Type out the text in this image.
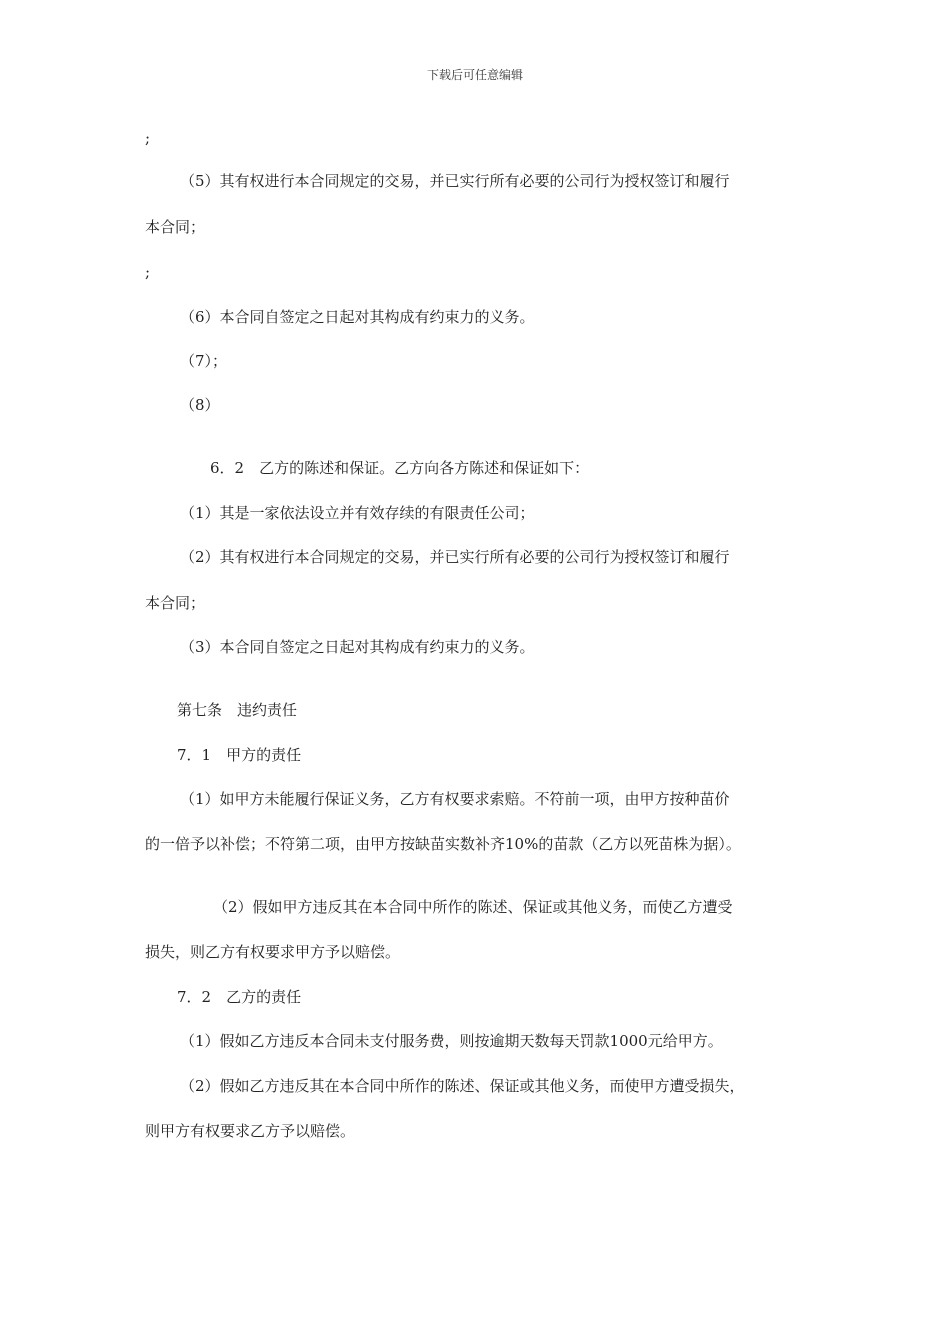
下载后可任意编辑
;
（5）其有权进行本合同规定的交易，并已实行所有必要的公司行为授权签订和履行
本合同；
;
（6）本合同自签定之日起对其构成有约束力的义务。
（7）；
（8）
6．2　乙方的陈述和保证。乙方向各方陈述和保证如下：
（1）其是一家依法设立并有效存续的有限责任公司；
（2）其有权进行本合同规定的交易，并已实行所有必要的公司行为授权签订和履行
本合同；
（3）本合同自签定之日起对其构成有约束力的义务。
第七条　违约责任
7．1　甲方的责任
（1）如甲方未能履行保证义务，乙方有权要求索赔。不符前一项，由甲方按种苗价
的一倍予以补偿；不符第二项，由甲方按缺苗实数补齐10%的苗款（乙方以死苗株为据）。
（2）假如甲方违反其在本合同中所作的陈述、保证或其他义务，而使乙方遭受
损失，则乙方有权要求甲方予以赔偿。
7．2　乙方的责任
（1）假如乙方违反本合同未支付服务费，则按逾期天数每天罚款1000元给甲方。
（2）假如乙方违反其在本合同中所作的陈述、保证或其他义务，而使甲方遭受损失，
则甲方有权要求乙方予以赔偿。
